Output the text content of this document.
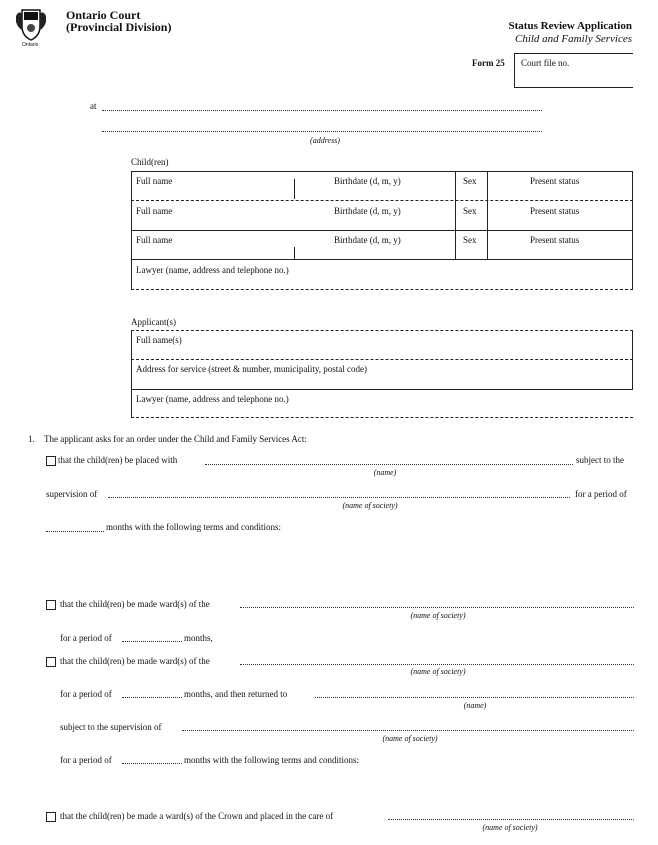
Ontario
Ontario Court
(Provincial Division)	Status Review Application
Child and Family Services
Form 25 Court file no.
at
(address)
Child(ren)
Full name	Birthdate (d, m, y)	Sex	Present status
Full name	Birthdate (d, m, y)	Sex	Present status
Full name	Birthdate (d, m, y)	Sex	Present status
Lawyer (name, address and telephone no.)
Applicant(s)
Full name(s)
Address for service (street & number, municipality, postal code)
Lawyer (name, address and telephone no.)
1. The applicant asks for an order under the Child and Family Services Act:
that the child(ren) be placed with	subject to the
(name)
supervision of	for a period of
(name of society)
months with the following terms and conditions:
that the child(ren) be made ward(s) of the
(name of society)
for a period of	months,
that the child(ren) be made ward(s) of the
(name of society)
for a period of	months, and then returned to
(name)
subject to the supervision of
(name of society)
for a period of	months with the following terms and conditions:
that the child(ren) be made a ward(s) of the Crown and placed in the care of
(name of society)
